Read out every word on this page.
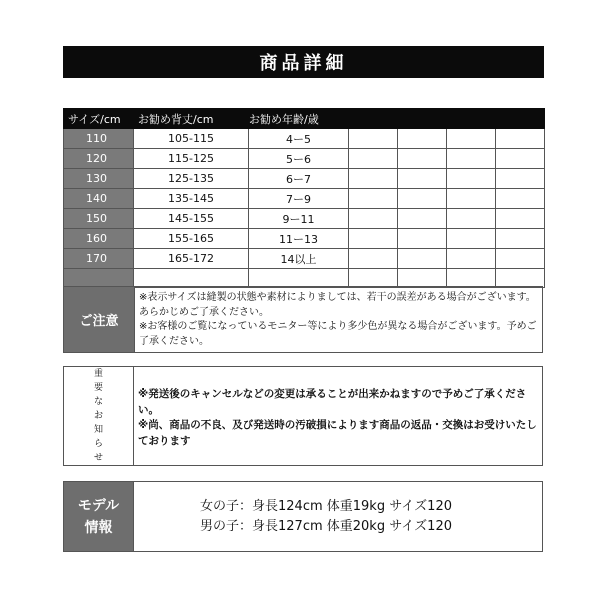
商品詳細
サイズ/cm	お勧め背丈/cm	お勧め年齢/歳				
110	105-115	4ー5				
120	115-125	5ー6				
130	125-135	6ー7				
140	135-145	7ー9				
150	145-155	9ー11				
160	155-165	11ー13				
170	165-172	14以上				

ご注意
※表示サイズは縫製の状態や素材によりましては、若干の誤差がある場合がございます。あらかじめご了承ください。
※お客様のご覧になっているモニター等により多少色が異なる場合がございます。予めご了承ください。
重
要
な
お
知
ら
せ
※発送後のキャンセルなどの変更は承ることが出来かねますので予めご了承ください。
※尚、商品の不良、及び発送時の汚破損によります商品の返品・交換はお受けいたしております
モデル
情報
女の子：身長124cm 体重19kg サイズ120
男の子：身長127cm 体重20kg サイズ120
